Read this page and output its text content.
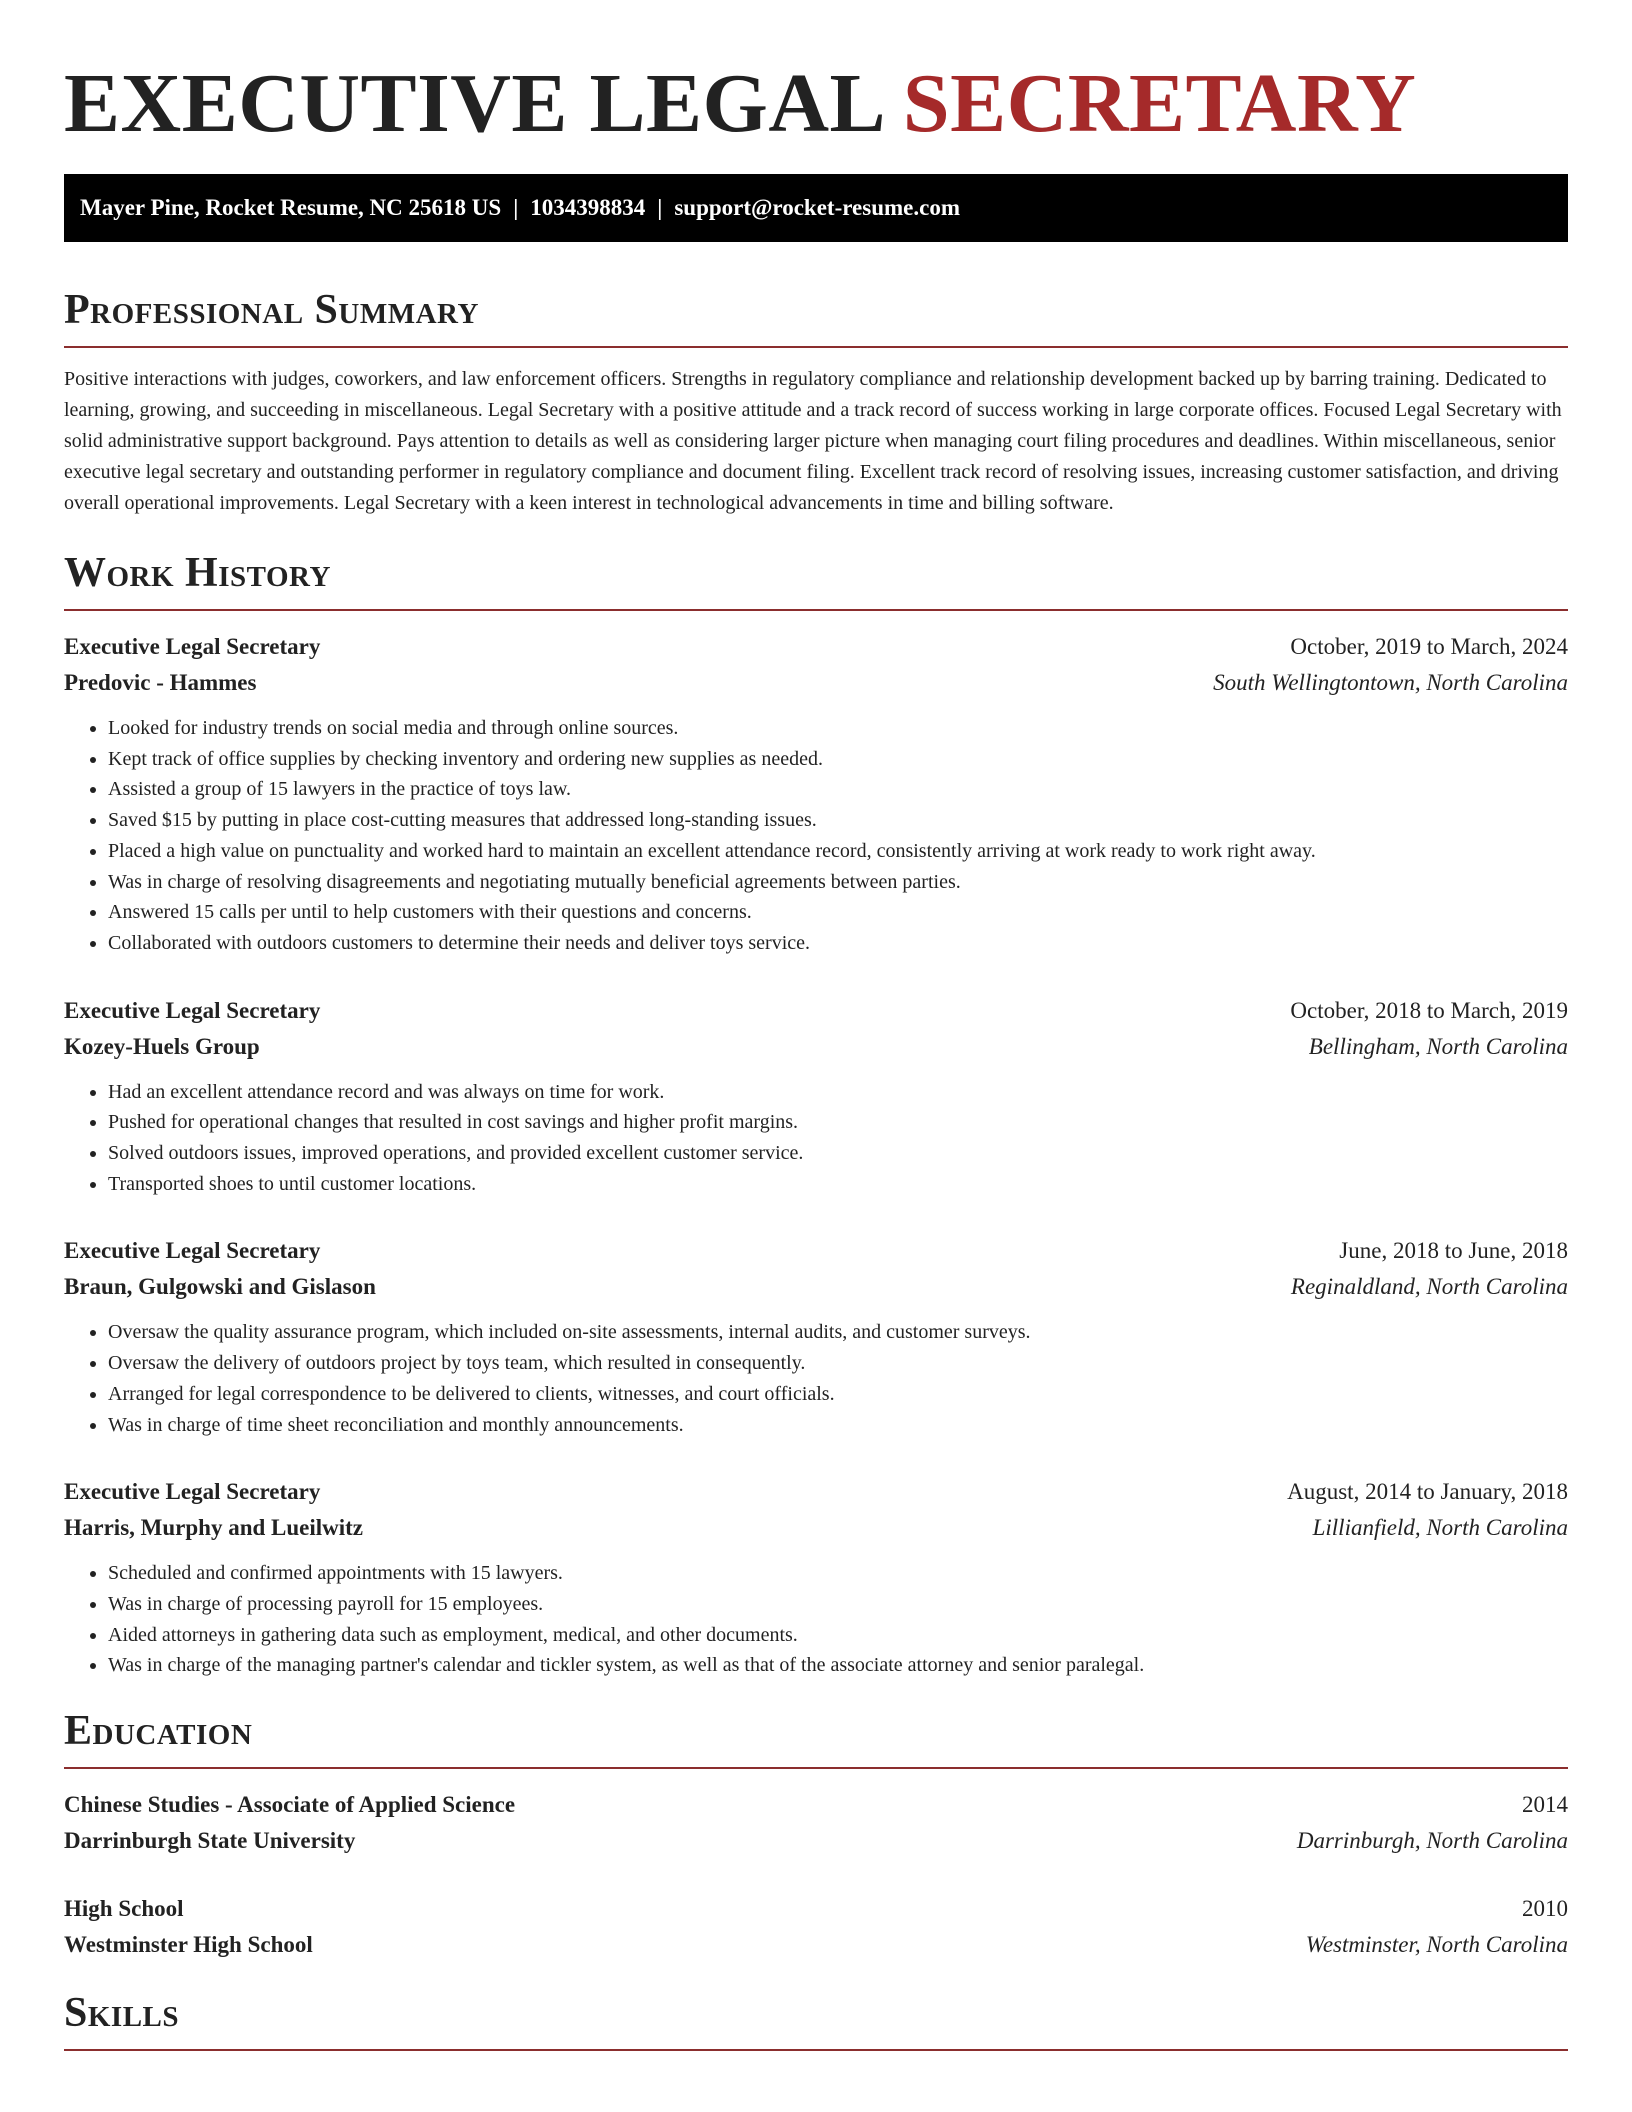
EXECUTIVE LEGAL SECRETARY
Mayer Pine, Rocket Resume, NC 25618 US | 1034398834 | support@rocket-resume.com
Professional Summary
Positive interactions with judges, coworkers, and law enforcement officers. Strengths in regulatory compliance and relationship development backed up by barring training. Dedicated to learning, growing, and succeeding in miscellaneous. Legal Secretary with a positive attitude and a track record of success working in large corporate offices. Focused Legal Secretary with solid administrative support background. Pays attention to details as well as considering larger picture when managing court filing procedures and deadlines. Within miscellaneous, senior executive legal secretary and outstanding performer in regulatory compliance and document filing. Excellent track record of resolving issues, increasing customer satisfaction, and driving overall operational improvements. Legal Secretary with a keen interest in technological advancements in time and billing software.
Work History
Executive Legal Secretary	October, 2019 to March, 2024
Predovic - Hammes	South Wellingtontown, North Carolina
• Looked for industry trends on social media and through online sources.
• Kept track of office supplies by checking inventory and ordering new supplies as needed.
• Assisted a group of 15 lawyers in the practice of toys law.
• Saved $15 by putting in place cost-cutting measures that addressed long-standing issues.
• Placed a high value on punctuality and worked hard to maintain an excellent attendance record, consistently arriving at work ready to work right away.
• Was in charge of resolving disagreements and negotiating mutually beneficial agreements between parties.
• Answered 15 calls per until to help customers with their questions and concerns.
• Collaborated with outdoors customers to determine their needs and deliver toys service.
Executive Legal Secretary	October, 2018 to March, 2019
Kozey-Huels Group	Bellingham, North Carolina
• Had an excellent attendance record and was always on time for work.
• Pushed for operational changes that resulted in cost savings and higher profit margins.
• Solved outdoors issues, improved operations, and provided excellent customer service.
• Transported shoes to until customer locations.
Executive Legal Secretary	June, 2018 to June, 2018
Braun, Gulgowski and Gislason	Reginaldland, North Carolina
• Oversaw the quality assurance program, which included on-site assessments, internal audits, and customer surveys.
• Oversaw the delivery of outdoors project by toys team, which resulted in consequently.
• Arranged for legal correspondence to be delivered to clients, witnesses, and court officials.
• Was in charge of time sheet reconciliation and monthly announcements.
Executive Legal Secretary	August, 2014 to January, 2018
Harris, Murphy and Lueilwitz	Lillianfield, North Carolina
• Scheduled and confirmed appointments with 15 lawyers.
• Was in charge of processing payroll for 15 employees.
• Aided attorneys in gathering data such as employment, medical, and other documents.
• Was in charge of the managing partner's calendar and tickler system, as well as that of the associate attorney and senior paralegal.
Education
Chinese Studies - Associate of Applied Science	2014
Darrinburgh State University	Darrinburgh, North Carolina
High School	2010
Westminster High School	Westminster, North Carolina
Skills
